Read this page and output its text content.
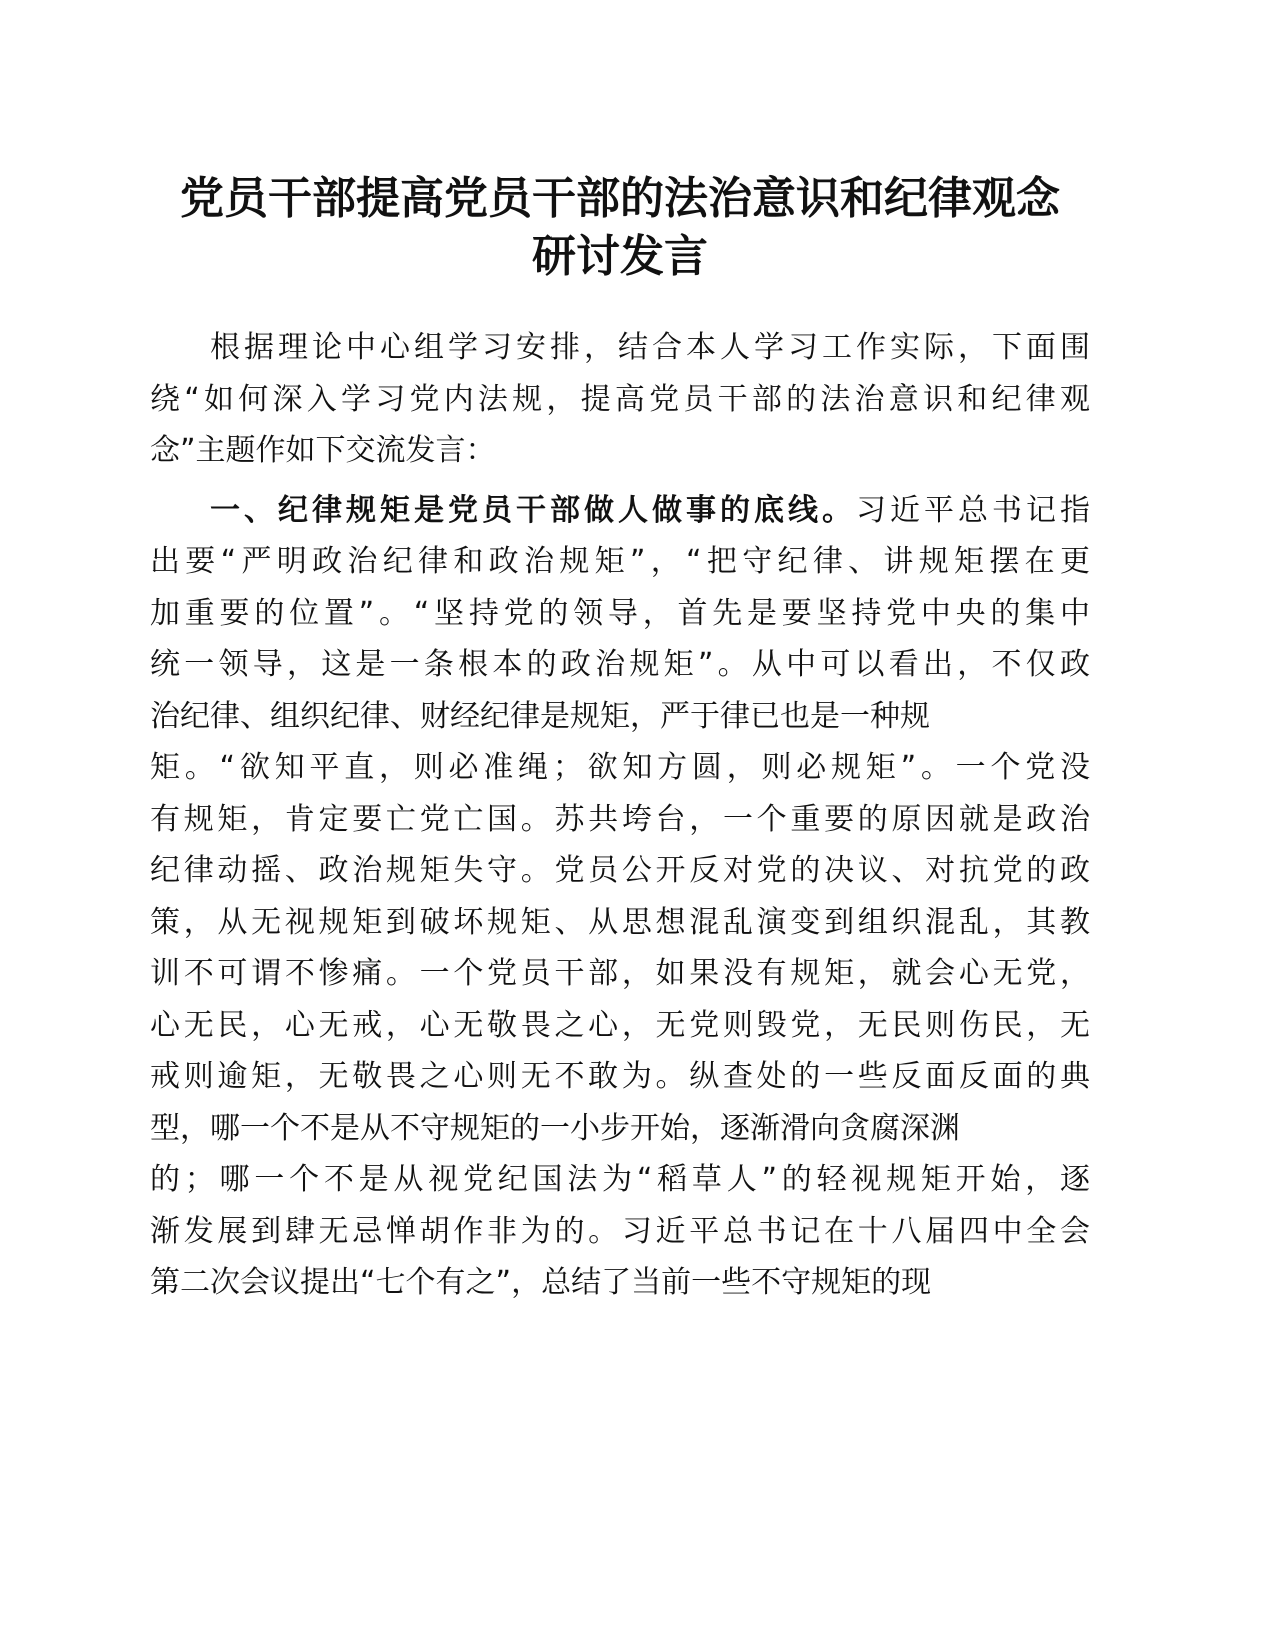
党员干部提高党员干部的法治意识和纪律观念
研讨发言
根据理论中心组学习安排，结合本人学习工作实际，下面围
绕“如何深入学习党内法规，提高党员干部的法治意识和纪律观
念”主题作如下交流发言：
一、纪律规矩是党员干部做人做事的底线。习近平总书记指
出要“严明政治纪律和政治规矩”，“把守纪律、讲规矩摆在更
加重要的位置”。“坚持党的领导，首先是要坚持党中央的集中
统一领导，这是一条根本的政治规矩”。从中可以看出，不仅政
治纪律、组织纪律、财经纪律是规矩，严于律已也是一种规
矩。“欲知平直，则必准绳；欲知方圆，则必规矩”。一个党没
有规矩，肯定要亡党亡国。苏共垮台，一个重要的原因就是政治
纪律动摇、政治规矩失守。党员公开反对党的决议、对抗党的政
策，从无视规矩到破坏规矩、从思想混乱演变到组织混乱，其教
训不可谓不惨痛。一个党员干部，如果没有规矩，就会心无党，
心无民，心无戒，心无敬畏之心，无党则毁党，无民则伤民，无
戒则逾矩，无敬畏之心则无不敢为。纵查处的一些反面反面的典
型，哪一个不是从不守规矩的一小步开始，逐渐滑向贪腐深渊
的；哪一个不是从视党纪国法为“稻草人”的轻视规矩开始，逐
渐发展到肆无忌惮胡作非为的。习近平总书记在十八届四中全会
第二次会议提出“七个有之”，总结了当前一些不守规矩的现
